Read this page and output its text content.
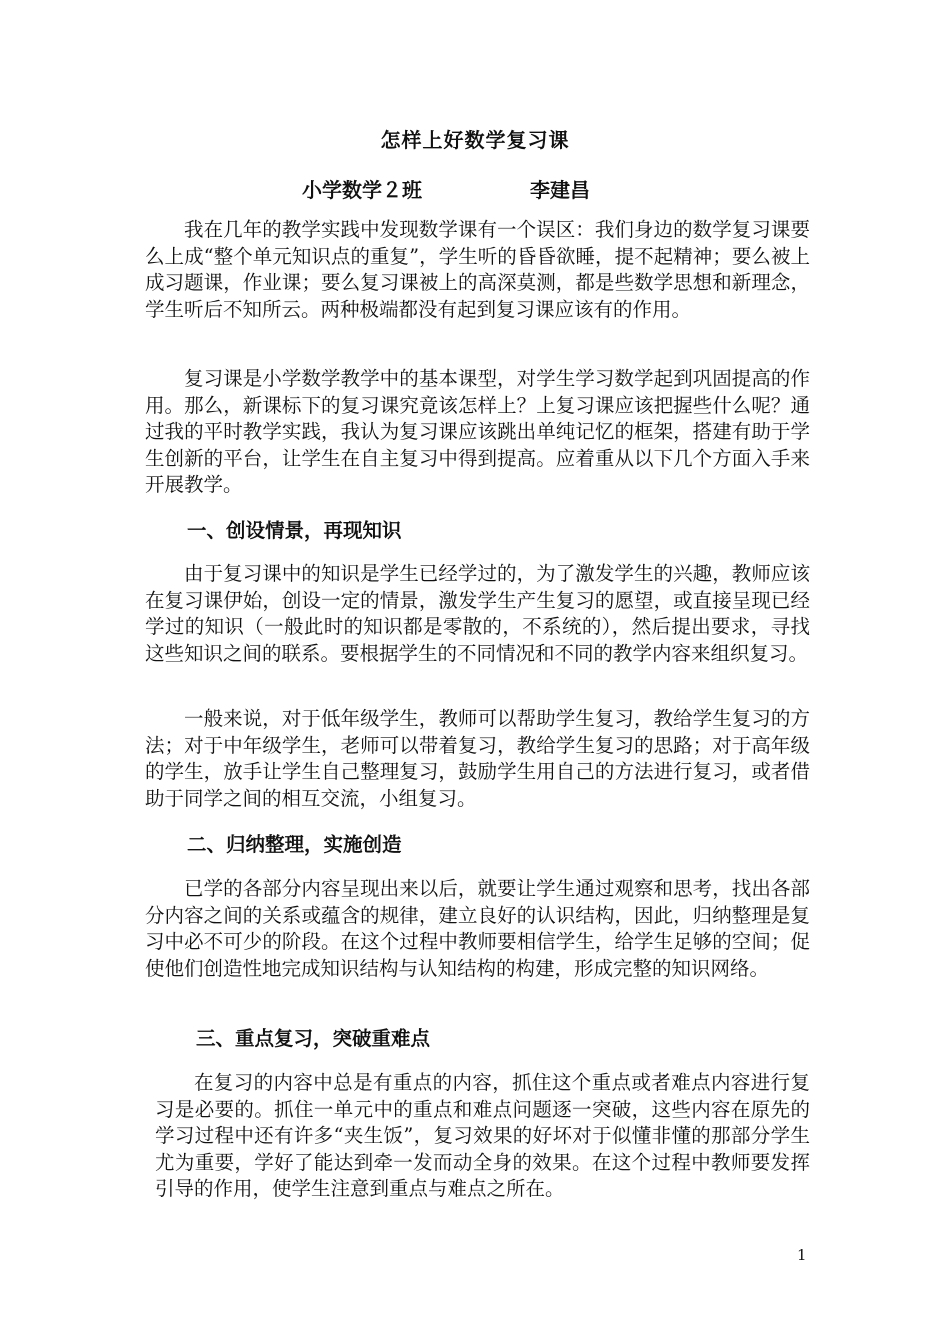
怎样上好数学复习课
小学数学２班	李建昌

我在几年的教学实践中发现数学课有一个误区：我们身边的数学复习课要么上成“整个单元知识点的重复”，学生听的昏昏欲睡，提不起精神；要么被上成习题课，作业课；要么复习课被上的高深莫测，都是些数学思想和新理念，学生听后不知所云。两种极端都没有起到复习课应该有的作用。

复习课是小学数学教学中的基本课型，对学生学习数学起到巩固提高的作用。那么，新课标下的复习课究竟该怎样上？上复习课应该把握些什么呢？通过我的平时教学实践，我认为复习课应该跳出单纯记忆的框架，搭建有助于学生创新的平台，让学生在自主复习中得到提高。应着重从以下几个方面入手来开展教学。

一、创设情景，再现知识

由于复习课中的知识是学生已经学过的，为了激发学生的兴趣，教师应该在复习课伊始，创设一定的情景，激发学生产生复习的愿望，或直接呈现已经学过的知识（一般此时的知识都是零散的，不系统的），然后提出要求，寻找这些知识之间的联系。要根据学生的不同情况和不同的教学内容来组织复习。

一般来说，对于低年级学生，教师可以帮助学生复习，教给学生复习的方法；对于中年级学生，老师可以带着复习，教给学生复习的思路；对于高年级的学生，放手让学生自己整理复习，鼓励学生用自己的方法进行复习，或者借助于同学之间的相互交流，小组复习。

二、归纳整理，实施创造

已学的各部分内容呈现出来以后，就要让学生通过观察和思考，找出各部分内容之间的关系或蕴含的规律，建立良好的认识结构，因此，归纳整理是复习中必不可少的阶段。在这个过程中教师要相信学生，给学生足够的空间；促使他们创造性地完成知识结构与认知结构的构建，形成完整的知识网络。

三、重点复习，突破重难点

在复习的内容中总是有重点的内容，抓住这个重点或者难点内容进行复习是必要的。抓住一单元中的重点和难点问题逐一突破，这些内容在原先的学习过程中还有许多“夹生饭”，复习效果的好坏对于似懂非懂的那部分学生尤为重要，学好了能达到牵一发而动全身的效果。在这个过程中教师要发挥引导的作用，使学生注意到重点与难点之所在。

1
